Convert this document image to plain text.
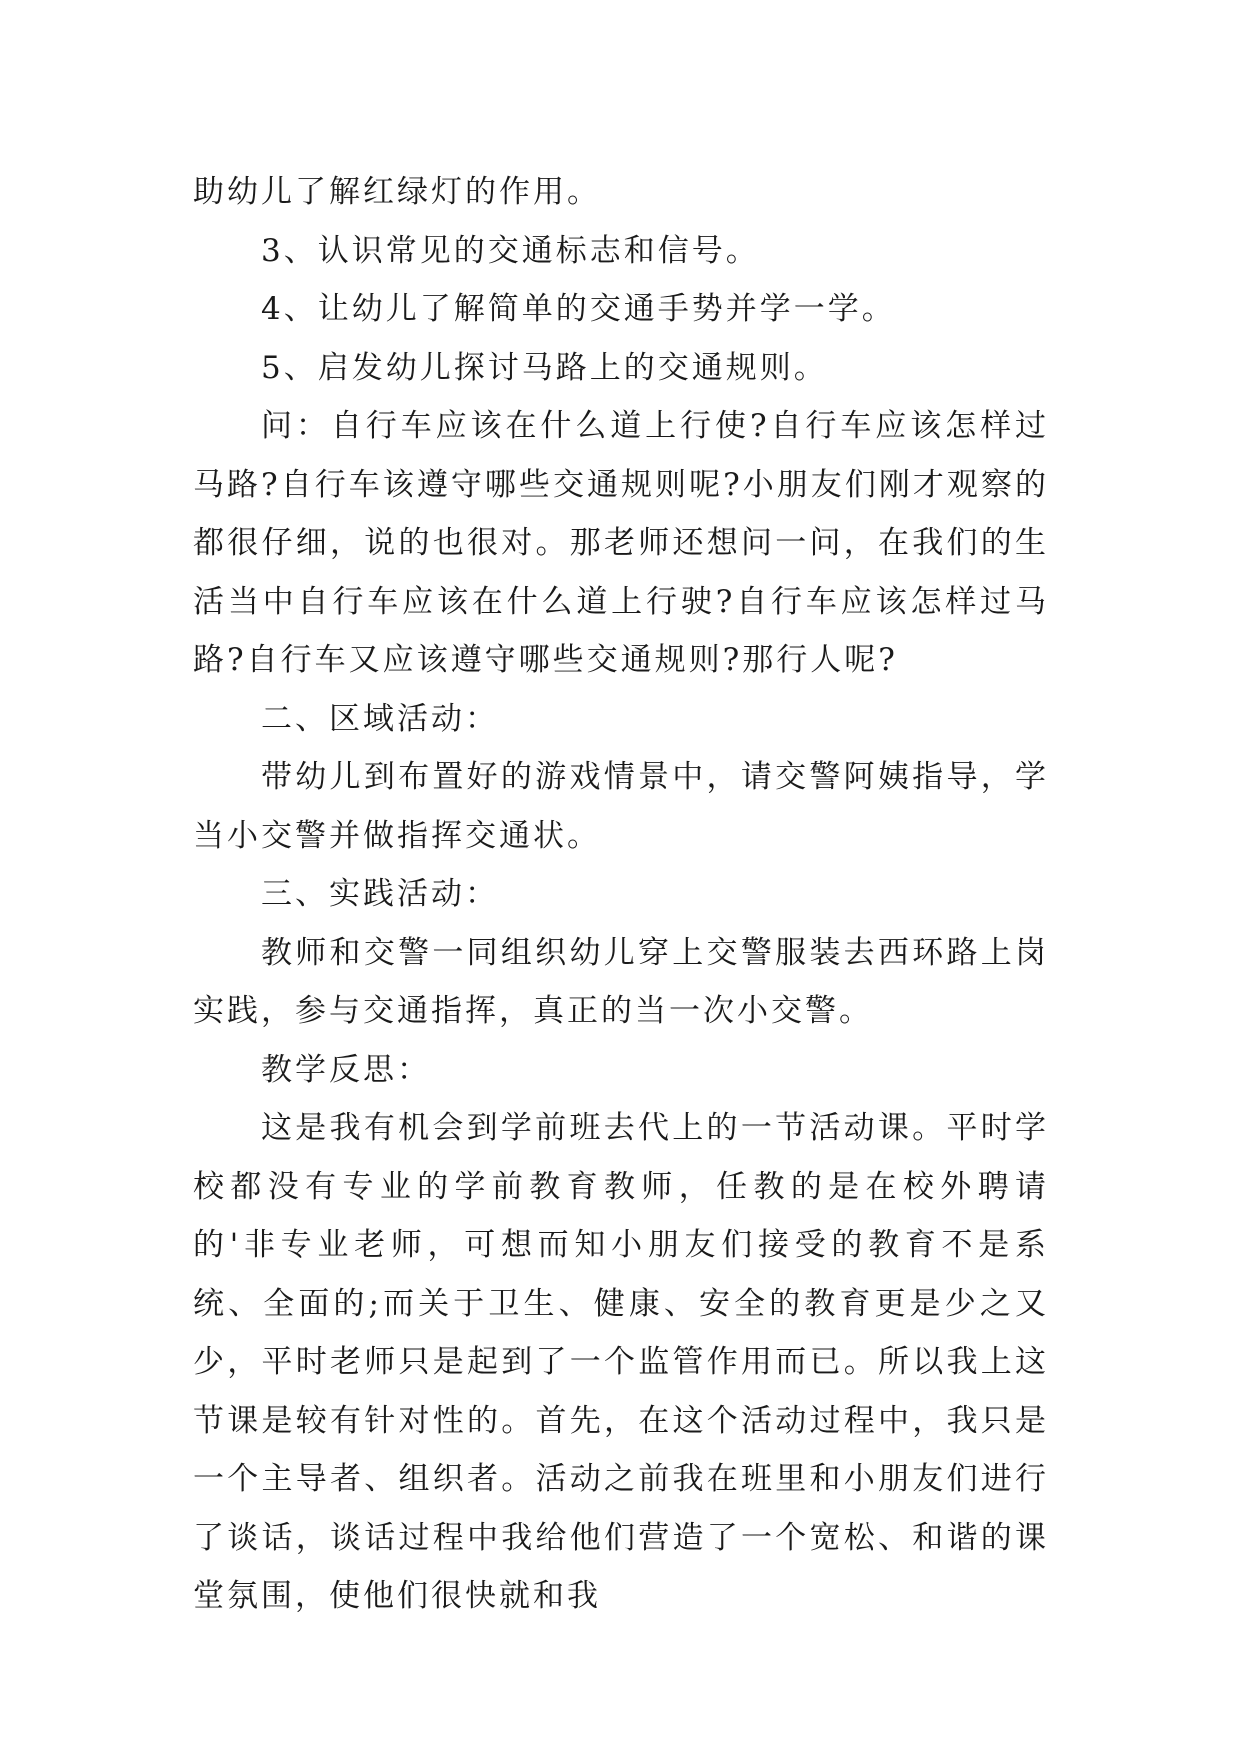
助幼儿了解红绿灯的作用。

3、认识常见的交通标志和信号。

4、让幼儿了解简单的交通手势并学一学。

5、启发幼儿探讨马路上的交通规则。

问：自行车应该在什么道上行使?自行车应该怎样过马路?自行车该遵守哪些交通规则呢?小朋友们刚才观察的都很仔细，说的也很对。那老师还想问一问，在我们的生活当中自行车应该在什么道上行驶?自行车应该怎样过马路?自行车又应该遵守哪些交通规则?那行人呢?

二、区域活动：

带幼儿到布置好的游戏情景中，请交警阿姨指导，学当小交警并做指挥交通状。

三、实践活动：

教师和交警一同组织幼儿穿上交警服装去西环路上岗实践，参与交通指挥，真正的当一次小交警。

教学反思：

这是我有机会到学前班去代上的一节活动课。平时学校都没有专业的学前教育教师，任教的是在校外聘请的'非专业老师，可想而知小朋友们接受的教育不是系统、全面的;而关于卫生、健康、安全的教育更是少之又少，平时老师只是起到了一个监管作用而已。所以我上这节课是较有针对性的。首先，在这个活动过程中，我只是一个主导者、组织者。活动之前我在班里和小朋友们进行了谈话，谈话过程中我给他们营造了一个宽松、和谐的课堂氛围，使他们很快就和我
